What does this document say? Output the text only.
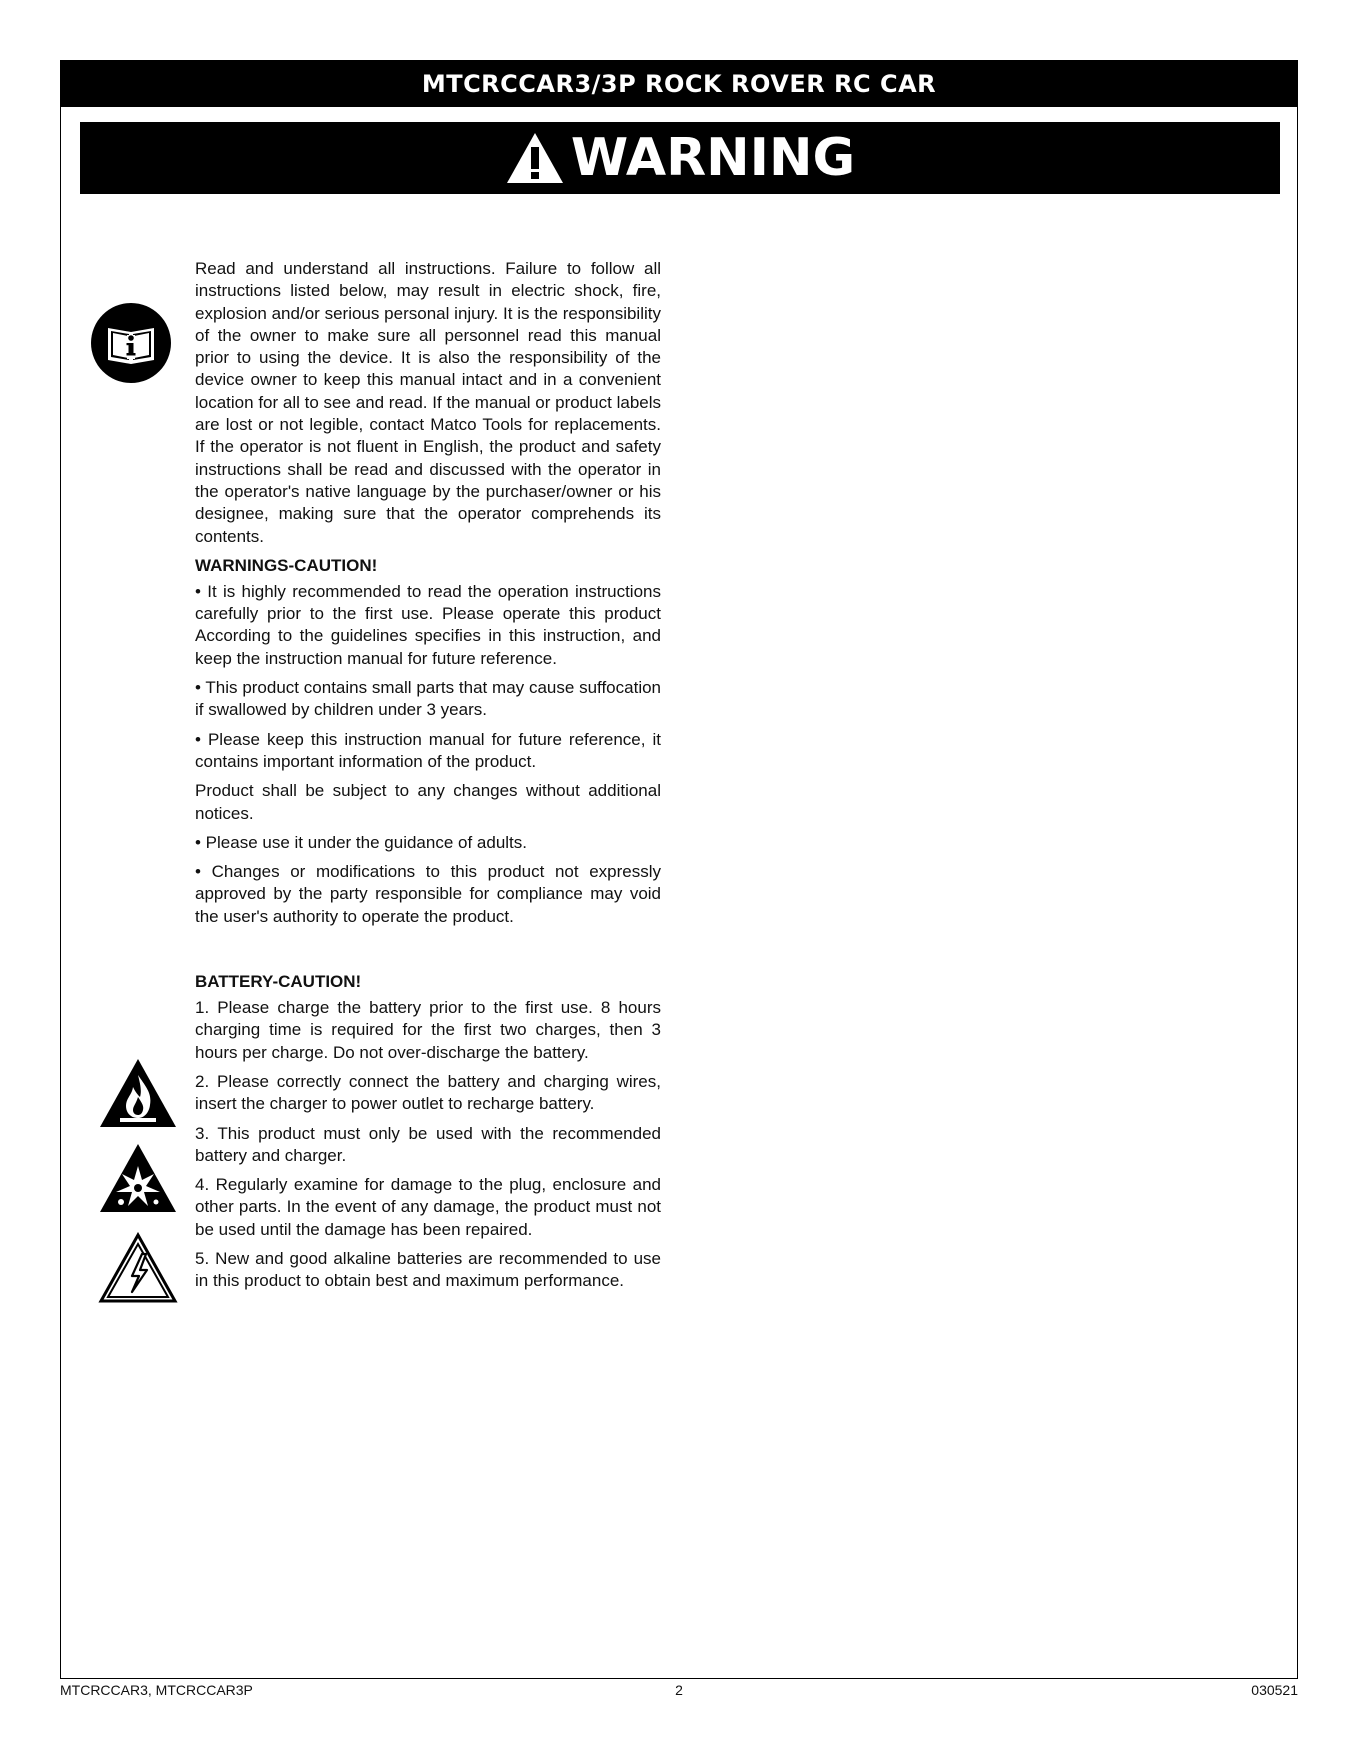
MTCRCCAR3/3P ROCK ROVER RC CAR
WARNING

Read and understand all instructions. Failure to follow all instructions listed below, may result in electric shock, fire, explosion and/or serious personal injury. It is the responsibility of the owner to make sure all personnel read this manual prior to using the device. It is also the responsibility of the device owner to keep this manual intact and in a convenient location for all to see and read. If the manual or product labels are lost or not legible, contact Matco Tools for replacements. If the operator is not fluent in English, the product and safety instructions shall be read and discussed with the operator in the operator's native language by the purchaser/owner or his designee, making sure that the operator comprehends its contents.

WARNINGS-CAUTION!

• It is highly recommended to read the operation instructions carefully prior to the first use. Please operate this product According to the guidelines specifies in this instruction, and keep the instruction manual for future reference.

• This product contains small parts that may cause suffocation if swallowed by children under 3 years.

• Please keep this instruction manual for future reference, it contains important information of the product.

Product shall be subject to any changes without additional notices.

• Please use it under the guidance of adults.

• Changes or modifications to this product not expressly approved by the party responsible for compliance may void the user's authority to operate the product.

BATTERY-CAUTION!

1. Please charge the battery prior to the first use. 8 hours charging time is required for the first two charges, then 3 hours per charge. Do not over-discharge the battery.

2. Please correctly connect the battery and charging wires, insert the charger to power outlet to recharge battery.

3. This product must only be used with the recommended battery and charger.

4. Regularly examine for damage to the plug, enclosure and other parts. In the event of any damage, the product must not be used until the damage has been repaired.

5. New and good alkaline batteries are recommended to use in this product to obtain best and maximum performance.

MTCRCCAR3, MTCRCCAR3P	2	030521
